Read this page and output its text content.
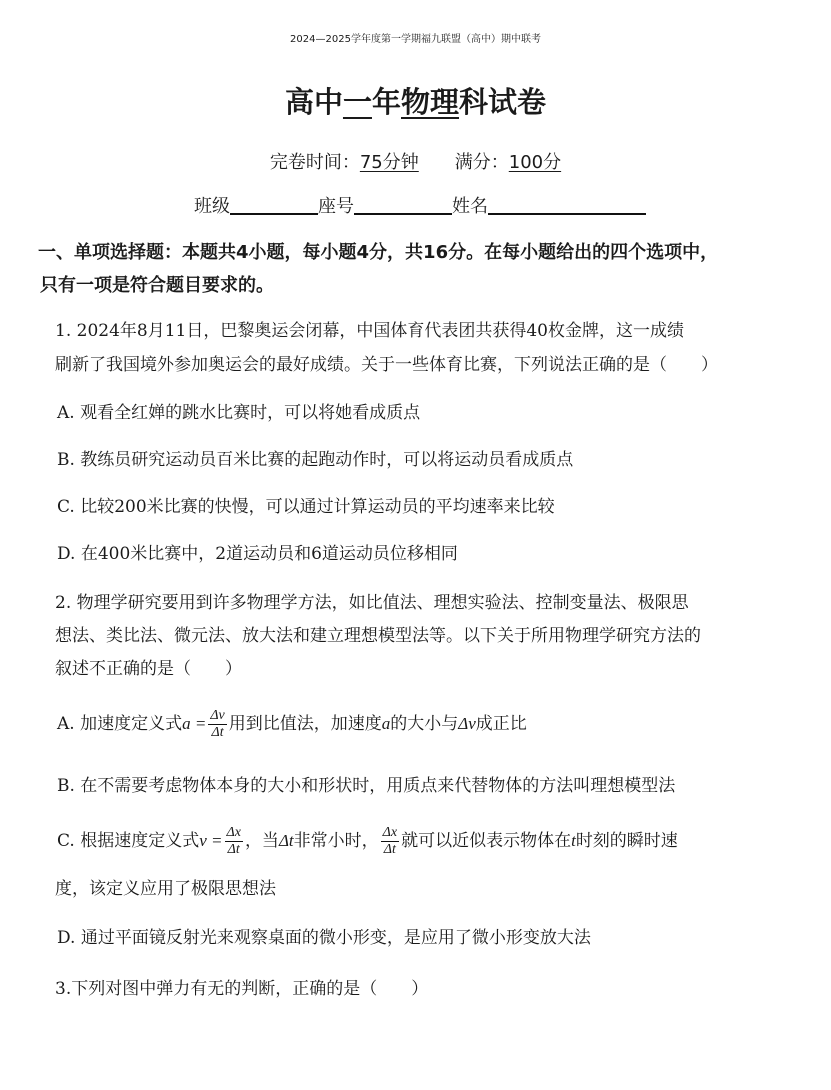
2024—2025学年度第一学期福九联盟（高中）期中联考
高中一年物理科试卷
完卷时间：75分钟 满分：100分
班级	座号	姓名
一、单项选择题：本题共4小题，每小题4分，共16分。在每小题给出的四个选项中，
只有一项是符合题目要求的。
1. 2024年8月11日，巴黎奥运会闭幕，中国体育代表团共获得40枚金牌，这一成绩
刷新了我国境外参加奥运会的最好成绩。关于一些体育比赛，下列说法正确的是（　　）
A. 观看全红婵的跳水比赛时，可以将她看成质点
B. 教练员研究运动员百米比赛的起跑动作时，可以将运动员看成质点
C. 比较200米比赛的快慢，可以通过计算运动员的平均速率来比较
D. 在400米比赛中，2道运动员和6道运动员位移相同
2. 物理学研究要用到许多物理学方法，如比值法、理想实验法、控制变量法、极限思
想法、类比法、微元法、放大法和建立理想模型法等。以下关于所用物理学研究方法的
叙述不正确的是（　　）
A. 加速度定义式$a = \frac{\Delta v}{\Delta t}$ 用到比值法，加速度a的大小与Δv成正比
B. 在不需要考虑物体本身的大小和形状时，用质点来代替物体的方法叫理想模型法
C. 根据速度定义式$v = \frac{\Delta x}{\Delta t}$ ，当Δt非常小时， $\frac{\Delta x}{\Delta t}$ 就可以近似表示物体在t时刻的瞬时速
度，该定义应用了极限思想法
D. 通过平面镜反射光来观察桌面的微小形变，是应用了微小形变放大法
3.下列对图中弹力有无的判断，正确的是（　　）
